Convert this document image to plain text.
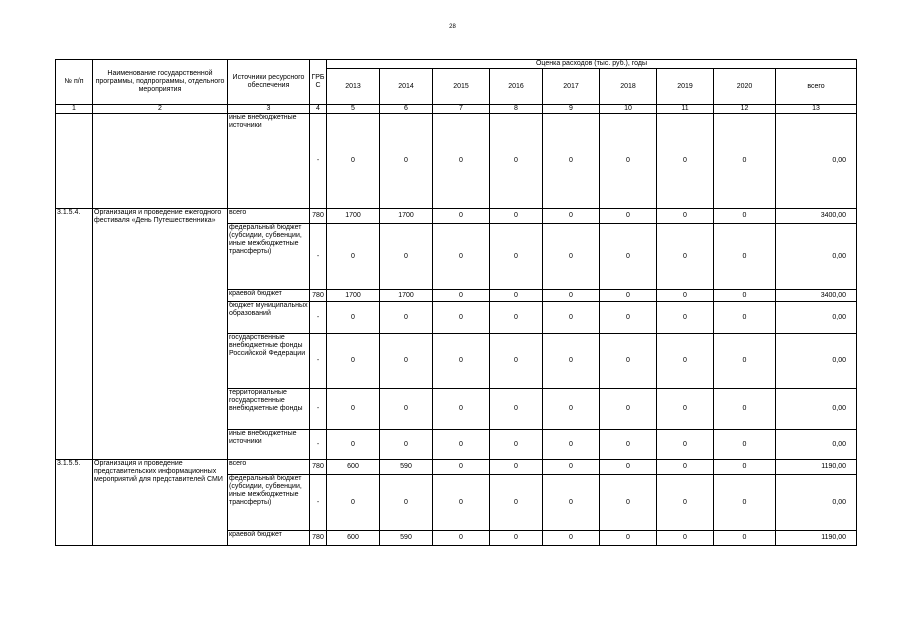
28
№ п/п	Наименование государственной программы, подпрограммы, отдельного мероприятия	Источники ресурсного обеспечения	ГРБС	Оценка расходов (тыс. руб.), годы								
				2013	2014	2015	2016	2017	2018	2019	2020	всего
1	2	3	4	5	6	7	8	9	10	11	12	13
		иные внебюджетные источники	-	0	0	0	0	0	0	0	0	0,00
3.1.5.4.	Организация и проведение ежегодного фестиваля «День Путешественника»	всего	780	1700	1700	0	0	0	0	0	0	3400,00
		федеральный бюджет (субсидии, субвенции, иные межбюджетные трансферты)	-	0	0	0	0	0	0	0	0	0,00
		краевой бюджет	780	1700	1700	0	0	0	0	0	0	3400,00
		бюджет муниципальных образований	-	0	0	0	0	0	0	0	0	0,00
		государственные внебюджетные фонды Российской Федерации	-	0	0	0	0	0	0	0	0	0,00
		территориальные государственные внебюджетные фонды	-	0	0	0	0	0	0	0	0	0,00
		иные внебюджетные источники	-	0	0	0	0	0	0	0	0	0,00
3.1.5.5.	Организация и проведение представительских информационных мероприятий для представителей СМИ	всего	780	600	590	0	0	0	0	0	0	1190,00
		федеральный бюджет (субсидии, субвенции, иные межбюджетные трансферты)	-	0	0	0	0	0	0	0	0	0,00
		краевой бюджет	780	600	590	0	0	0	0	0	0	1190,00
